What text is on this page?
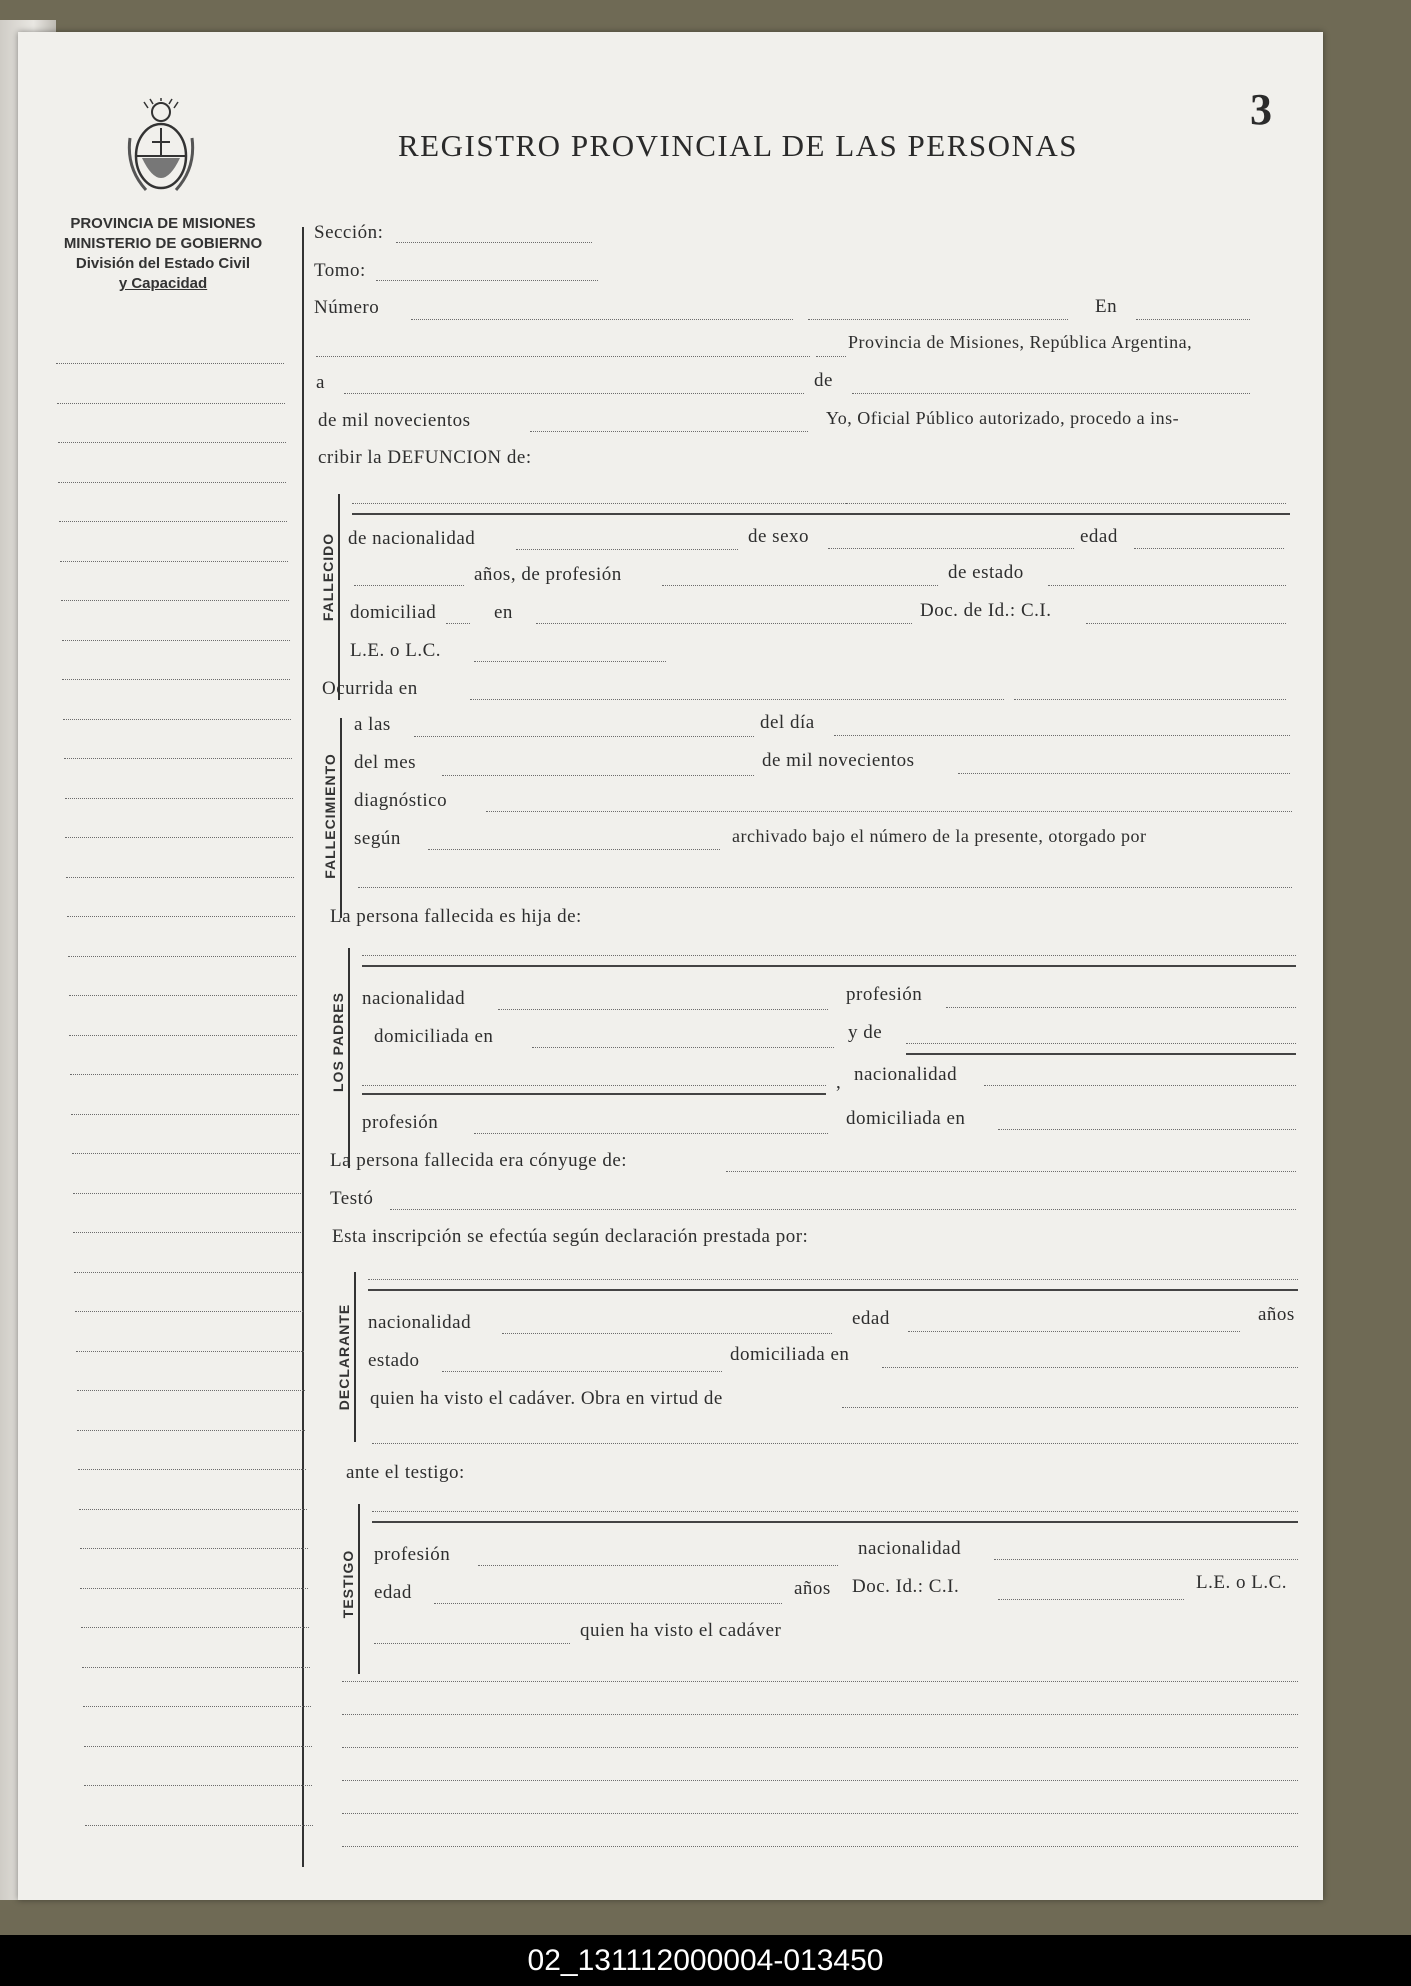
PROVINCIA DE MISIONES
MINISTERIO DE GOBIERNO
División del Estado Civil
y Capacidad
REGISTRO PROVINCIAL DE LAS PERSONAS
3
Sección:
Tomo:
Número	En
Provincia de Misiones, República Argentina,
a	de
de mil novecientos	Yo, Oficial Público autorizado, procedo a ins-
cribir la DEFUNCION de:
FALLECIDO de nacionalidad	de sexo	edad
años, de profesión	de estado
domiciliad	en	Doc. de Id.: C.I.
L.E. o L.C.
Ocurrida en
FALLECIMIENTO
a las	del día
del mes	de mil novecientos
diagnóstico
según	archivado bajo el número de la presente, otorgado por
La persona fallecida es hija de:
LOS PADRES nacionalidad	profesión
domiciliada en	y de
, nacionalidad
profesión	domiciliada en
La persona fallecida era cónyuge de:
Testó
Esta inscripción se efectúa según declaración prestada por:
DECLARANTE nacionalidad	edad	años
estado	domiciliada en
quien ha visto el cadáver. Obra en virtud de
ante el testigo:
TESTIGO profesión	nacionalidad
edad	años Doc. Id.: C.I.	L.E. o L.C.
quien ha visto el cadáver
02_131112000004-013450
